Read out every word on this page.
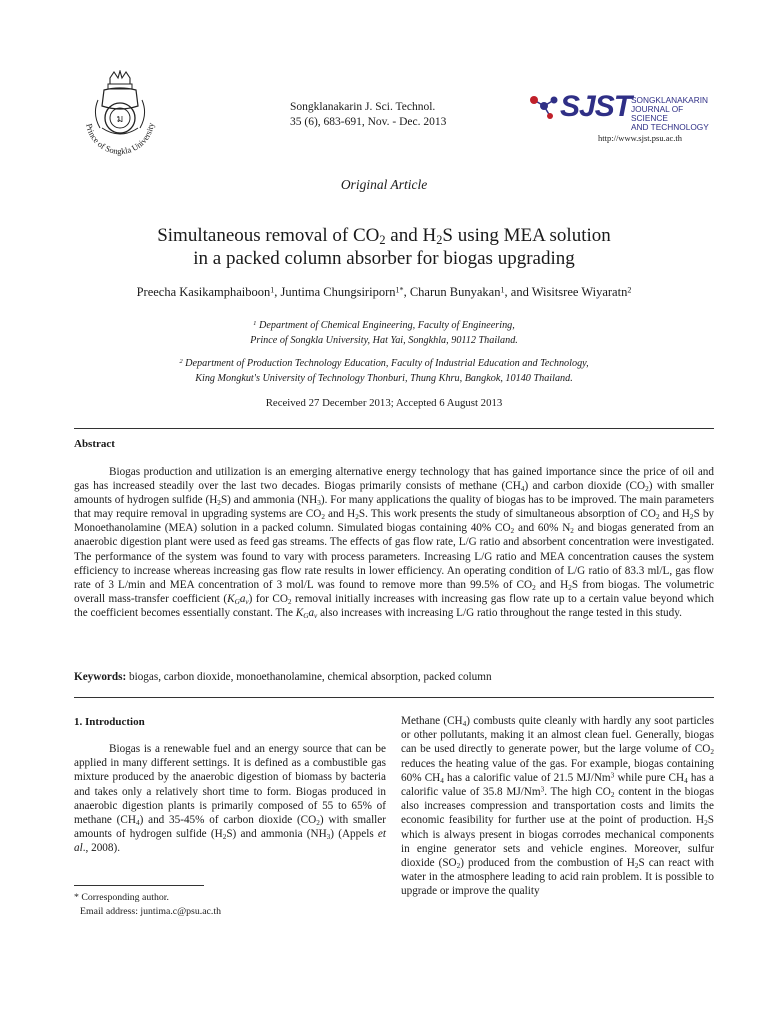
Prince of Songkla University
ม
Songklanakarin J. Sci. Technol.
35 (6), 683-691, Nov. - Dec. 2013	SJST SONGKLANAKARIN
JOURNAL OF SCIENCE
AND TECHNOLOGY
http://www.sjst.psu.ac.th
Original Article
Simultaneous removal of $CO_2$ and $H_2S$ using MEA solution
in a packed column absorber for biogas upgrading
Preecha Kasikamphaiboon$^1$, Juntima Chungsiriporn$^{1*}$, Charun Bunyakan$^1$, and Wisitsree Wiyaratn$^2$
$^1$ Department of Chemical Engineering, Faculty of Engineering,
Prince of Songkla University, Hat Yai, Songkhla, 90112 Thailand.
$^2$ Department of Production Technology Education, Faculty of Industrial Education and Technology,
King Mongkut's University of Technology Thonburi, Thung Khru, Bangkok, 10140 Thailand.
Received 27 December 2013; Accepted 6 August 2013
Abstract
Biogas production and utilization is an emerging alternative energy technology that has gained importance since the price of oil and gas has increased steadily over the last two decades. Biogas primarily consists of methane $(CH_4)$ and carbon dioxide $(CO_2)$ with smaller amounts of hydrogen sulfide $(H_2S)$ and ammonia $(NH_3)$. For many applications the quality of biogas has to be improved. The main parameters that may require removal in upgrading systems are $CO_2$ and $H_2S$. This work presents the study of simultaneous absorption of $CO_2$ and $H_2S$ by Monoethanolamine (MEA) solution in a packed column. Simulated biogas containing 40% $CO_2$ and 60% $N_2$ and biogas generated from an anaerobic digestion plant were used as feed gas streams. The effects of gas flow rate, L/G ratio and absorbent concentration were investigated. The performance of the system was found to vary with process parameters. Increasing L/G ratio and MEA concentration causes the system efficiency to increase whereas increasing gas flow rate results in lower efficiency. An operating condition of L/G ratio of 83.3 ml/L, gas flow rate of 3 L/min and MEA concentration of 3 mol/L was found to remove more than 99.5% of $CO_2$ and $H_2S$ from biogas. The volumetric overall mass-transfer coefficient $(K_Ga_v)$ for $CO_2$ removal initially increases with increasing gas flow rate up to a certain value beyond which the coefficient becomes essentially constant. The $K_Ga_v$ also increases with increasing L/G ratio throughout the range tested in this study.
Keywords: biogas, carbon dioxide, monoethanolamine, chemical absorption, packed column
1. Introduction
Biogas is a renewable fuel and an energy source that can be applied in many different settings. It is defined as a combustible gas mixture produced by the anaerobic digestion of biomass by bacteria and takes only a relatively short time to form. Biogas produced in anaerobic digestion plants is primarily composed of 55 to 65% of methane $(CH_4)$ and 35-45% of carbon dioxide $(CO_2)$ with smaller amounts of hydrogen sulfide $(H_2S)$ and ammonia $(NH_3)$ (Appels et al., 2008).
* Corresponding author.
Email address: juntima.c@psu.ac.th
Methane $(CH_4)$ combusts quite cleanly with hardly any soot particles or other pollutants, making it an almost clean fuel. Generally, biogas can be used directly to generate power, but the large volume of $CO_2$ reduces the heating value of the gas. For example, biogas containing 60% $CH_4$ has a calorific value of 21.5 MJ/Nm$^3$ while pure $CH_4$ has a calorific value of 35.8 MJ/Nm$^3$. The high $CO_2$ content in the biogas also increases compression and transportation costs and limits the economic feasibility for further use at the point of production. $H_2S$ which is always present in biogas corrodes mechanical components in engine generator sets and vehicle engines. Moreover, sulfur dioxide $(SO_2)$ produced from the combustion of $H_2S$ can react with water in the atmosphere leading to acid rain problem. It is possible to upgrade or improve the quality
